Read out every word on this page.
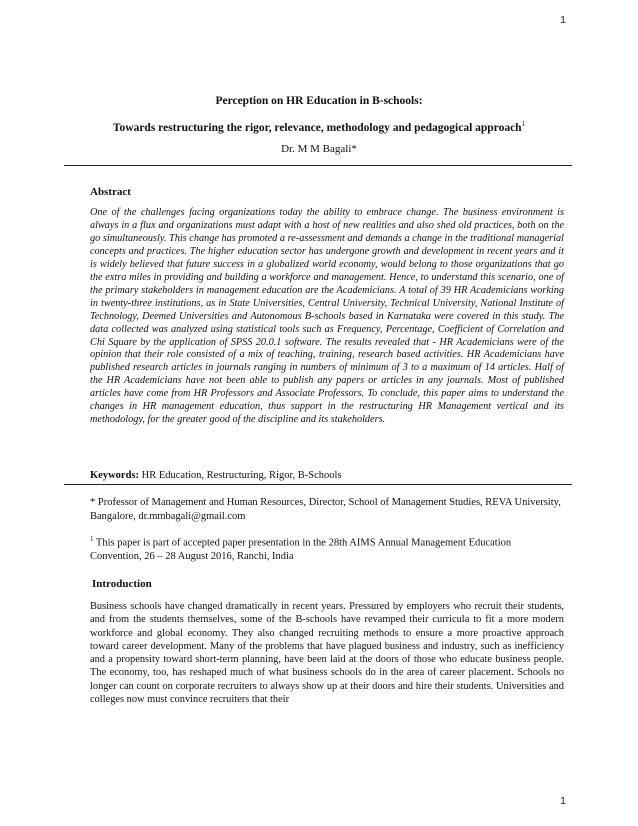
1
Perception on HR Education in B-schools:
Towards restructuring the rigor, relevance, methodology and pedagogical approach$^1$
Dr. M M Bagali*
Abstract

One of the challenges facing organizations today the ability to embrace change. The business environment is always in a flux and organizations must adapt with a host of new realities and also shed old practices, both on the go simultaneously. This change has promoted a re-assessment and demands a change in the traditional managerial concepts and practices. The higher education sector has undergone growth and development in recent years and it is widely believed that future success in a globalized world economy, would belong to those organizations that go the extra miles in providing and building a workforce and management. Hence, to understand this scenario, one of the primary stakeholders in management education are the Academicians. A total of 39 HR Academicians working in twenty-three institutions, as in State Universities, Central University, Technical University, National Institute of Technology, Deemed Universities and Autonomous B-schools based in Karnataka were covered in this study. The data collected was analyzed using statistical tools such as Frequency, Percentage, Coefficient of Correlation and Chi Square by the application of SPSS 20.0.1 software. The results revealed that - HR Academicians were of the opinion that their role consisted of a mix of teaching, training, research based activities. HR Academicians have published research articles in journals ranging in numbers of minimum of 3 to a maximum of 14 articles. Half of the HR Academicians have not been able to publish any papers or articles in any journals. Most of published articles have come from HR Professors and Associate Professors. To conclude, this paper aims to understand the changes in HR management education, thus support in the restructuring HR Management vertical and its methodology, for the greater good of the discipline and its stakeholders.

Keywords: HR Education, Restructuring, Rigor, B-Schools

* Professor of Management and Human Resources, Director, School of Management Studies, REVA University, Bangalore, dr.mmbagali@gmail.com

$^1$ This paper is part of accepted paper presentation in the 28th AIMS Annual Management Education Convention, 26 – 28 August 2016, Ranchi, India

Introduction

Business schools have changed dramatically in recent years. Pressured by employers who recruit their students, and from the students themselves, some of the B-schools have revamped their curricula to fit a more modern workforce and global economy. They also changed recruiting methods to ensure a more proactive approach toward career development. Many of the problems that have plagued business and industry, such as inefficiency and a propensity toward short-term planning, have been laid at the doors of those who educate business people. The economy, too, has reshaped much of what business schools do in the area of career placement. Schools no longer can count on corporate recruiters to always show up at their doors and hire their students. Universities and colleges now must convince recruiters that their

1
